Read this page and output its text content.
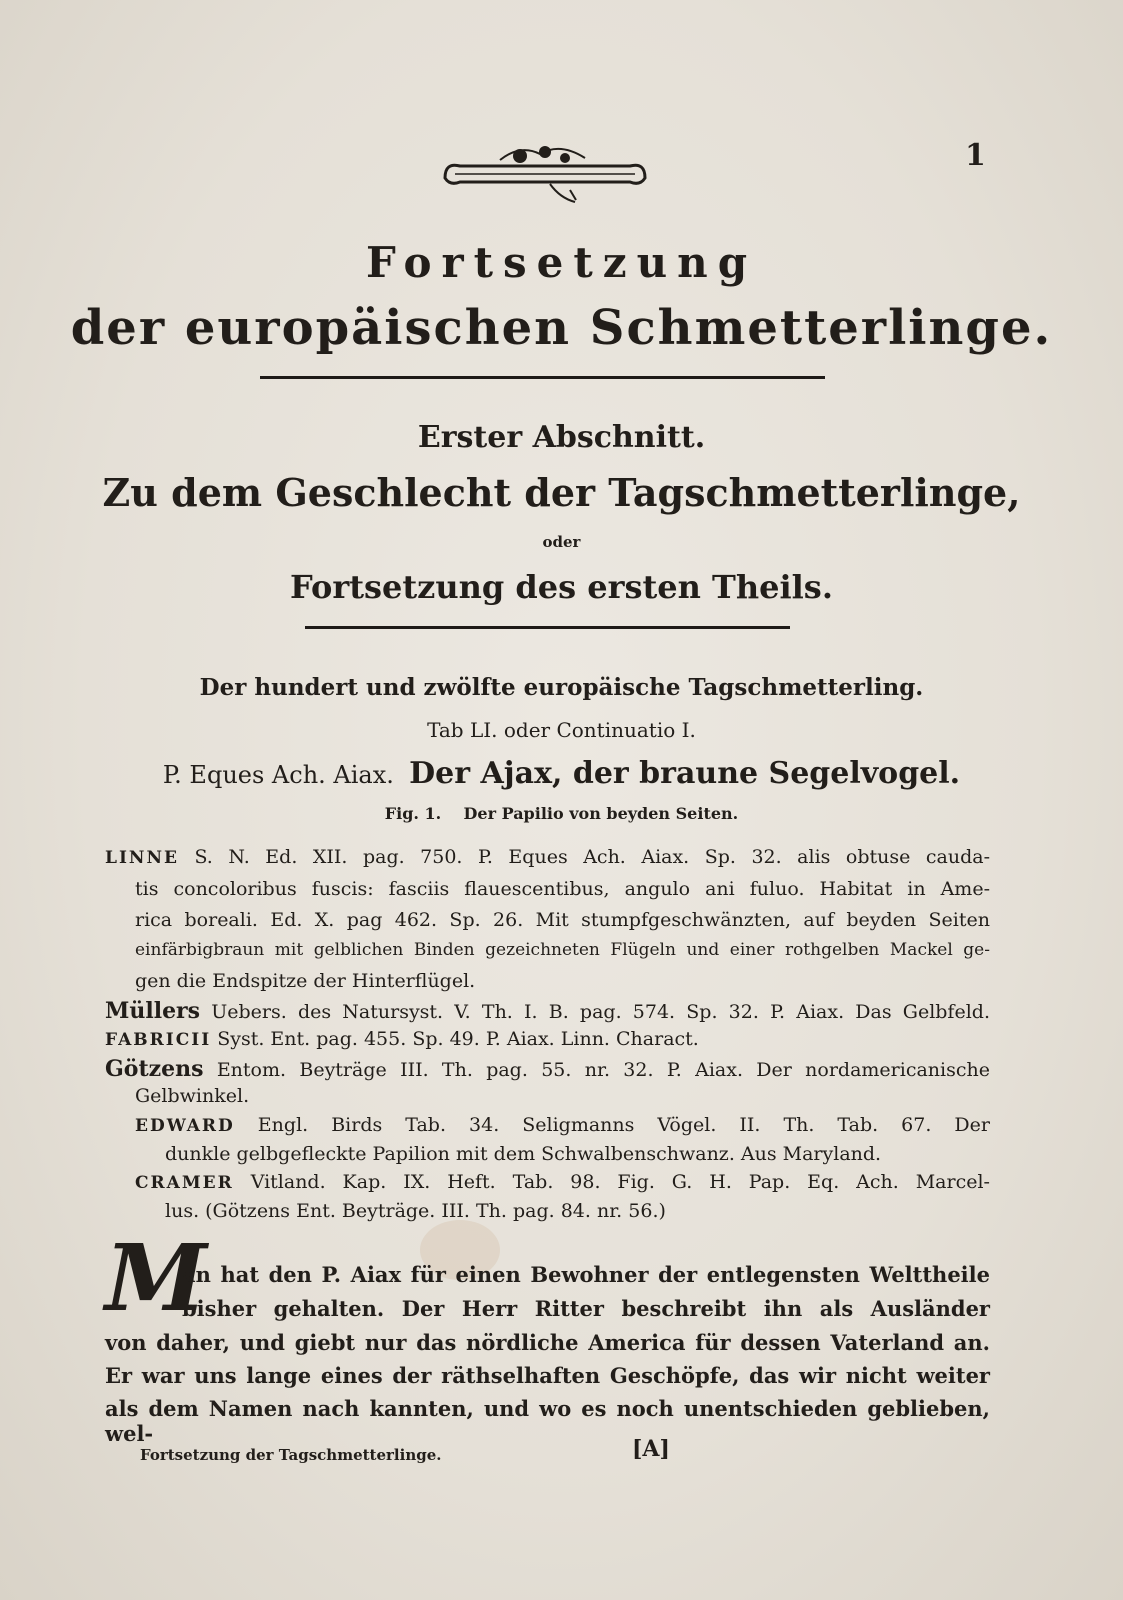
1
Fortsetzung
der europäischen Schmetterlinge.
Erster Abschnitt.
Zu dem Geschlecht der Tagschmetterlinge,
oder
Fortsetzung des ersten Theils.
Der hundert und zwölfte europäische Tagschmetterling.
Tab LI. oder Continuatio I.
P. Eques Ach. Aiax. Der Ajax, der braune Segelvogel.
Fig. 1. Der Papilio von beyden Seiten.
LINNE S. N. Ed. XII. pag. 750. P. Eques Ach. Aiax. Sp. 32. alis obtuse cauda-
tis concoloribus fuscis: fasciis flauescentibus, angulo ani fuluo. Habitat in Ame-
rica boreali. Ed. X. pag 462. Sp. 26. Mit stumpfgeschwänzten, auf beyden Seiten
einfärbigbraun mit gelblichen Binden gezeichneten Flügeln und einer rothgelben Mackel ge-
gen die Endspitze der Hinterflügel.
Müllers Uebers. des Natursyst. V. Th. I. B. pag. 574. Sp. 32. P. Aiax. Das Gelbfeld.
FABRICII Syst. Ent. pag. 455. Sp. 49. P. Aiax. Linn. Charact.
Götzens Entom. Beyträge III. Th. pag. 55. nr. 32. P. Aiax. Der nordamericanische
Gelbwinkel.
EDWARD Engl. Birds Tab. 34. Seligmanns Vögel. II. Th. Tab. 67. Der
dunkle gelbgefleckte Papilion mit dem Schwalbenschwanz. Aus Maryland.
CRAMER Vitland. Kap. IX. Heft. Tab. 98. Fig. G. H. Pap. Eq. Ach. Marcel-
lus. (Götzens Ent. Beyträge. III. Th. pag. 84. nr. 56.)
M
an hat den P. Aiax für einen Bewohner der entlegensten Welttheile
bisher gehalten. Der Herr Ritter beschreibt ihn als Ausländer
von daher, und giebt nur das nördliche America für dessen Vaterland an.
Er war uns lange eines der räthselhaften Geschöpfe, das wir nicht weiter
als dem Namen nach kannten, und wo es noch unentschieden geblieben, wel-
Fortsetzung der Tagschmetterlinge.	[A]
